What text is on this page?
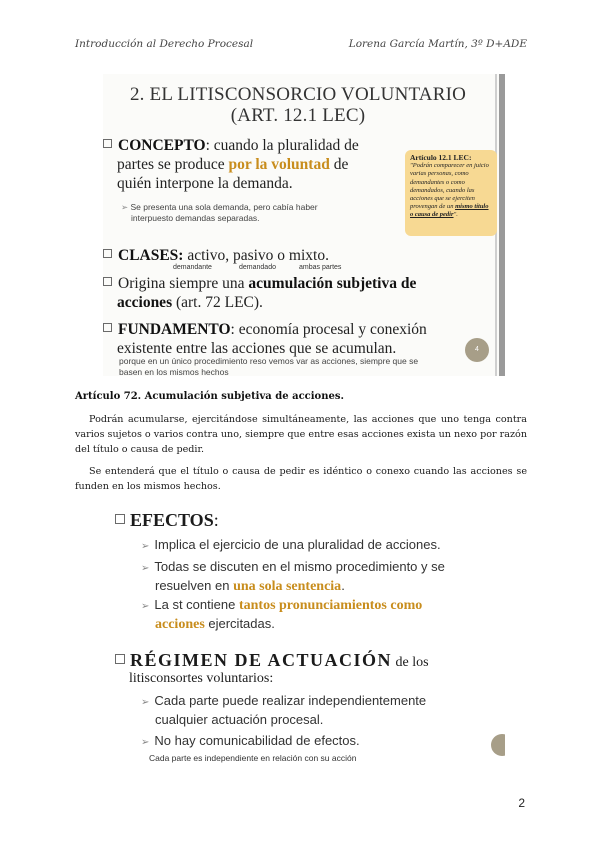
Introducción al Derecho Procesal	Lorena García Martín, 3º D+ADE
2. EL LITISCONSORCIO VOLUNTARIO
(ART. 12.1 LEC)
CONCEPTO: cuando la pluralidad de
partes se produce por la voluntad de
quién interpone la demanda.
➢ Se presenta una sola demanda, pero cabía haber
interpuesto demandas separadas.
Artículo 12.1 LEC:
"Podrán comparecer en juicio varias personas, como demandantes o como demandados, cuando las acciones que se ejerciten provengan de un mismo título o causa de pedir".
CLASES: activo, pasivo o mixto.
demandante	demandado	ambas partes
Origina siempre una acumulación subjetiva de
acciones (art. 72 LEC).
FUNDAMENTO: economía procesal y conexión
existente entre las acciones que se acumulan.
porque en un único procedimiento reso vemos var as acciones, siempre que se
basen en los mismos hechos
4
Artículo 72. Acumulación subjetiva de acciones.
Podrán acumularse, ejercitándose simultáneamente, las acciones que uno tenga contra varios sujetos o varios contra uno, siempre que entre esas acciones exista un nexo por razón del título o causa de pedir.
Se entenderá que el título o causa de pedir es idéntico o conexo cuando las acciones se funden en los mismos hechos.
EFECTOS:
➢ Implica el ejercicio de una pluralidad de acciones.
➢ Todas se discuten en el mismo procedimiento y se
resuelven en una sola sentencia.
➢ La st contiene tantos pronunciamientos como
acciones ejercitadas.
RÉGIMEN DE ACTUACIÓN de los
litisconsortes voluntarios:
➢ Cada parte puede realizar independientemente
cualquier actuación procesal.
➢ No hay comunicabilidad de efectos.
Cada parte es independiente en relación con su acción
2
